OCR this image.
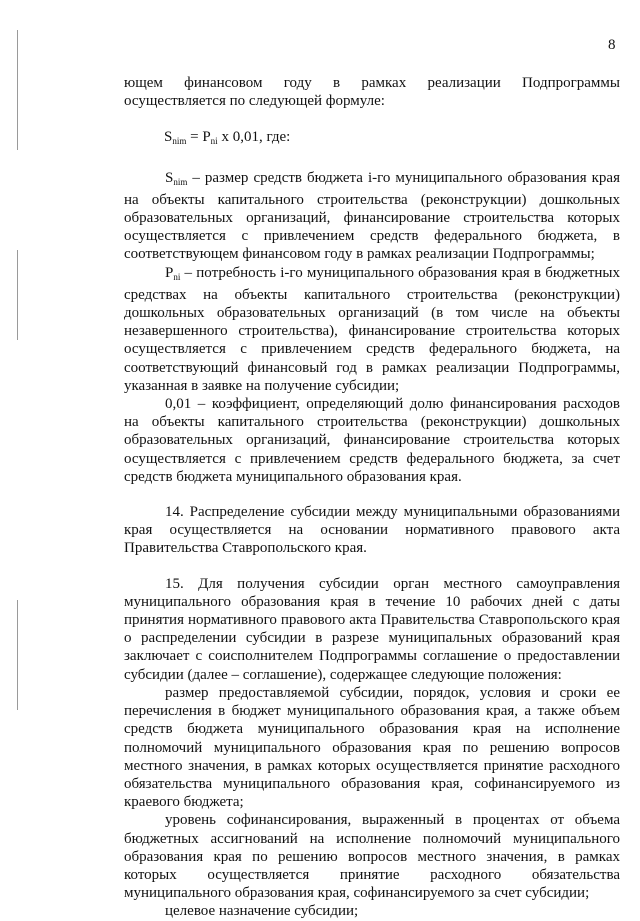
8

ющем финансовом году в рамках реализации Подпрограммы осуществляется по следующей формуле:

$S_{nim} = P_{ni}$ x 0,01, где:

$S_{nim}$ – размер средств бюджета i-го муниципального образования края на объекты капитального строительства (реконструкции) дошкольных образовательных организаций, финансирование строительства которых осуществляется с привлечением средств федерального бюджета, в соответствующем финансовом году в рамках реализации Подпрограммы;

$P_{ni}$ – потребность i-го муниципального образования края в бюджетных средствах на объекты капитального строительства (реконструкции) дошкольных образовательных организаций (в том числе на объекты незавершенного строительства), финансирование строительства которых осуществляется с привлечением средств федерального бюджета, на соответствующий финансовый год в рамках реализации Подпрограммы, указанная в заявке на получение субсидии;

0,01 – коэффициент, определяющий долю финансирования расходов на объекты капитального строительства (реконструкции) дошкольных образовательных организаций, финансирование строительства которых осуществляется с привлечением средств федерального бюджета, за счет средств бюджета муниципального образования края.

14. Распределение субсидии между муниципальными образованиями края осуществляется на основании нормативного правового акта Правительства Ставропольского края.

15. Для получения субсидии орган местного самоуправления муниципального образования края в течение 10 рабочих дней с даты принятия нормативного правового акта Правительства Ставропольского края о распределении субсидии в разрезе муниципальных образований края заключает с соисполнителем Подпрограммы соглашение о предоставлении субсидии (далее – соглашение), содержащее следующие положения:

размер предоставляемой субсидии, порядок, условия и сроки ее перечисления в бюджет муниципального образования края, а также объем средств бюджета муниципального образования края на исполнение полномочий муниципального образования края по решению вопросов местного значения, в рамках которых осуществляется принятие расходного обязательства муниципального образования края, софинансируемого из краевого бюджета;

уровень софинансирования, выраженный в процентах от объема бюджетных ассигнований на исполнение полномочий муниципального образования края по решению вопросов местного значения, в рамках которых осуществляется принятие расходного обязательства муниципального образования края, софинансируемого за счет субсидии;

целевое назначение субсидии;
